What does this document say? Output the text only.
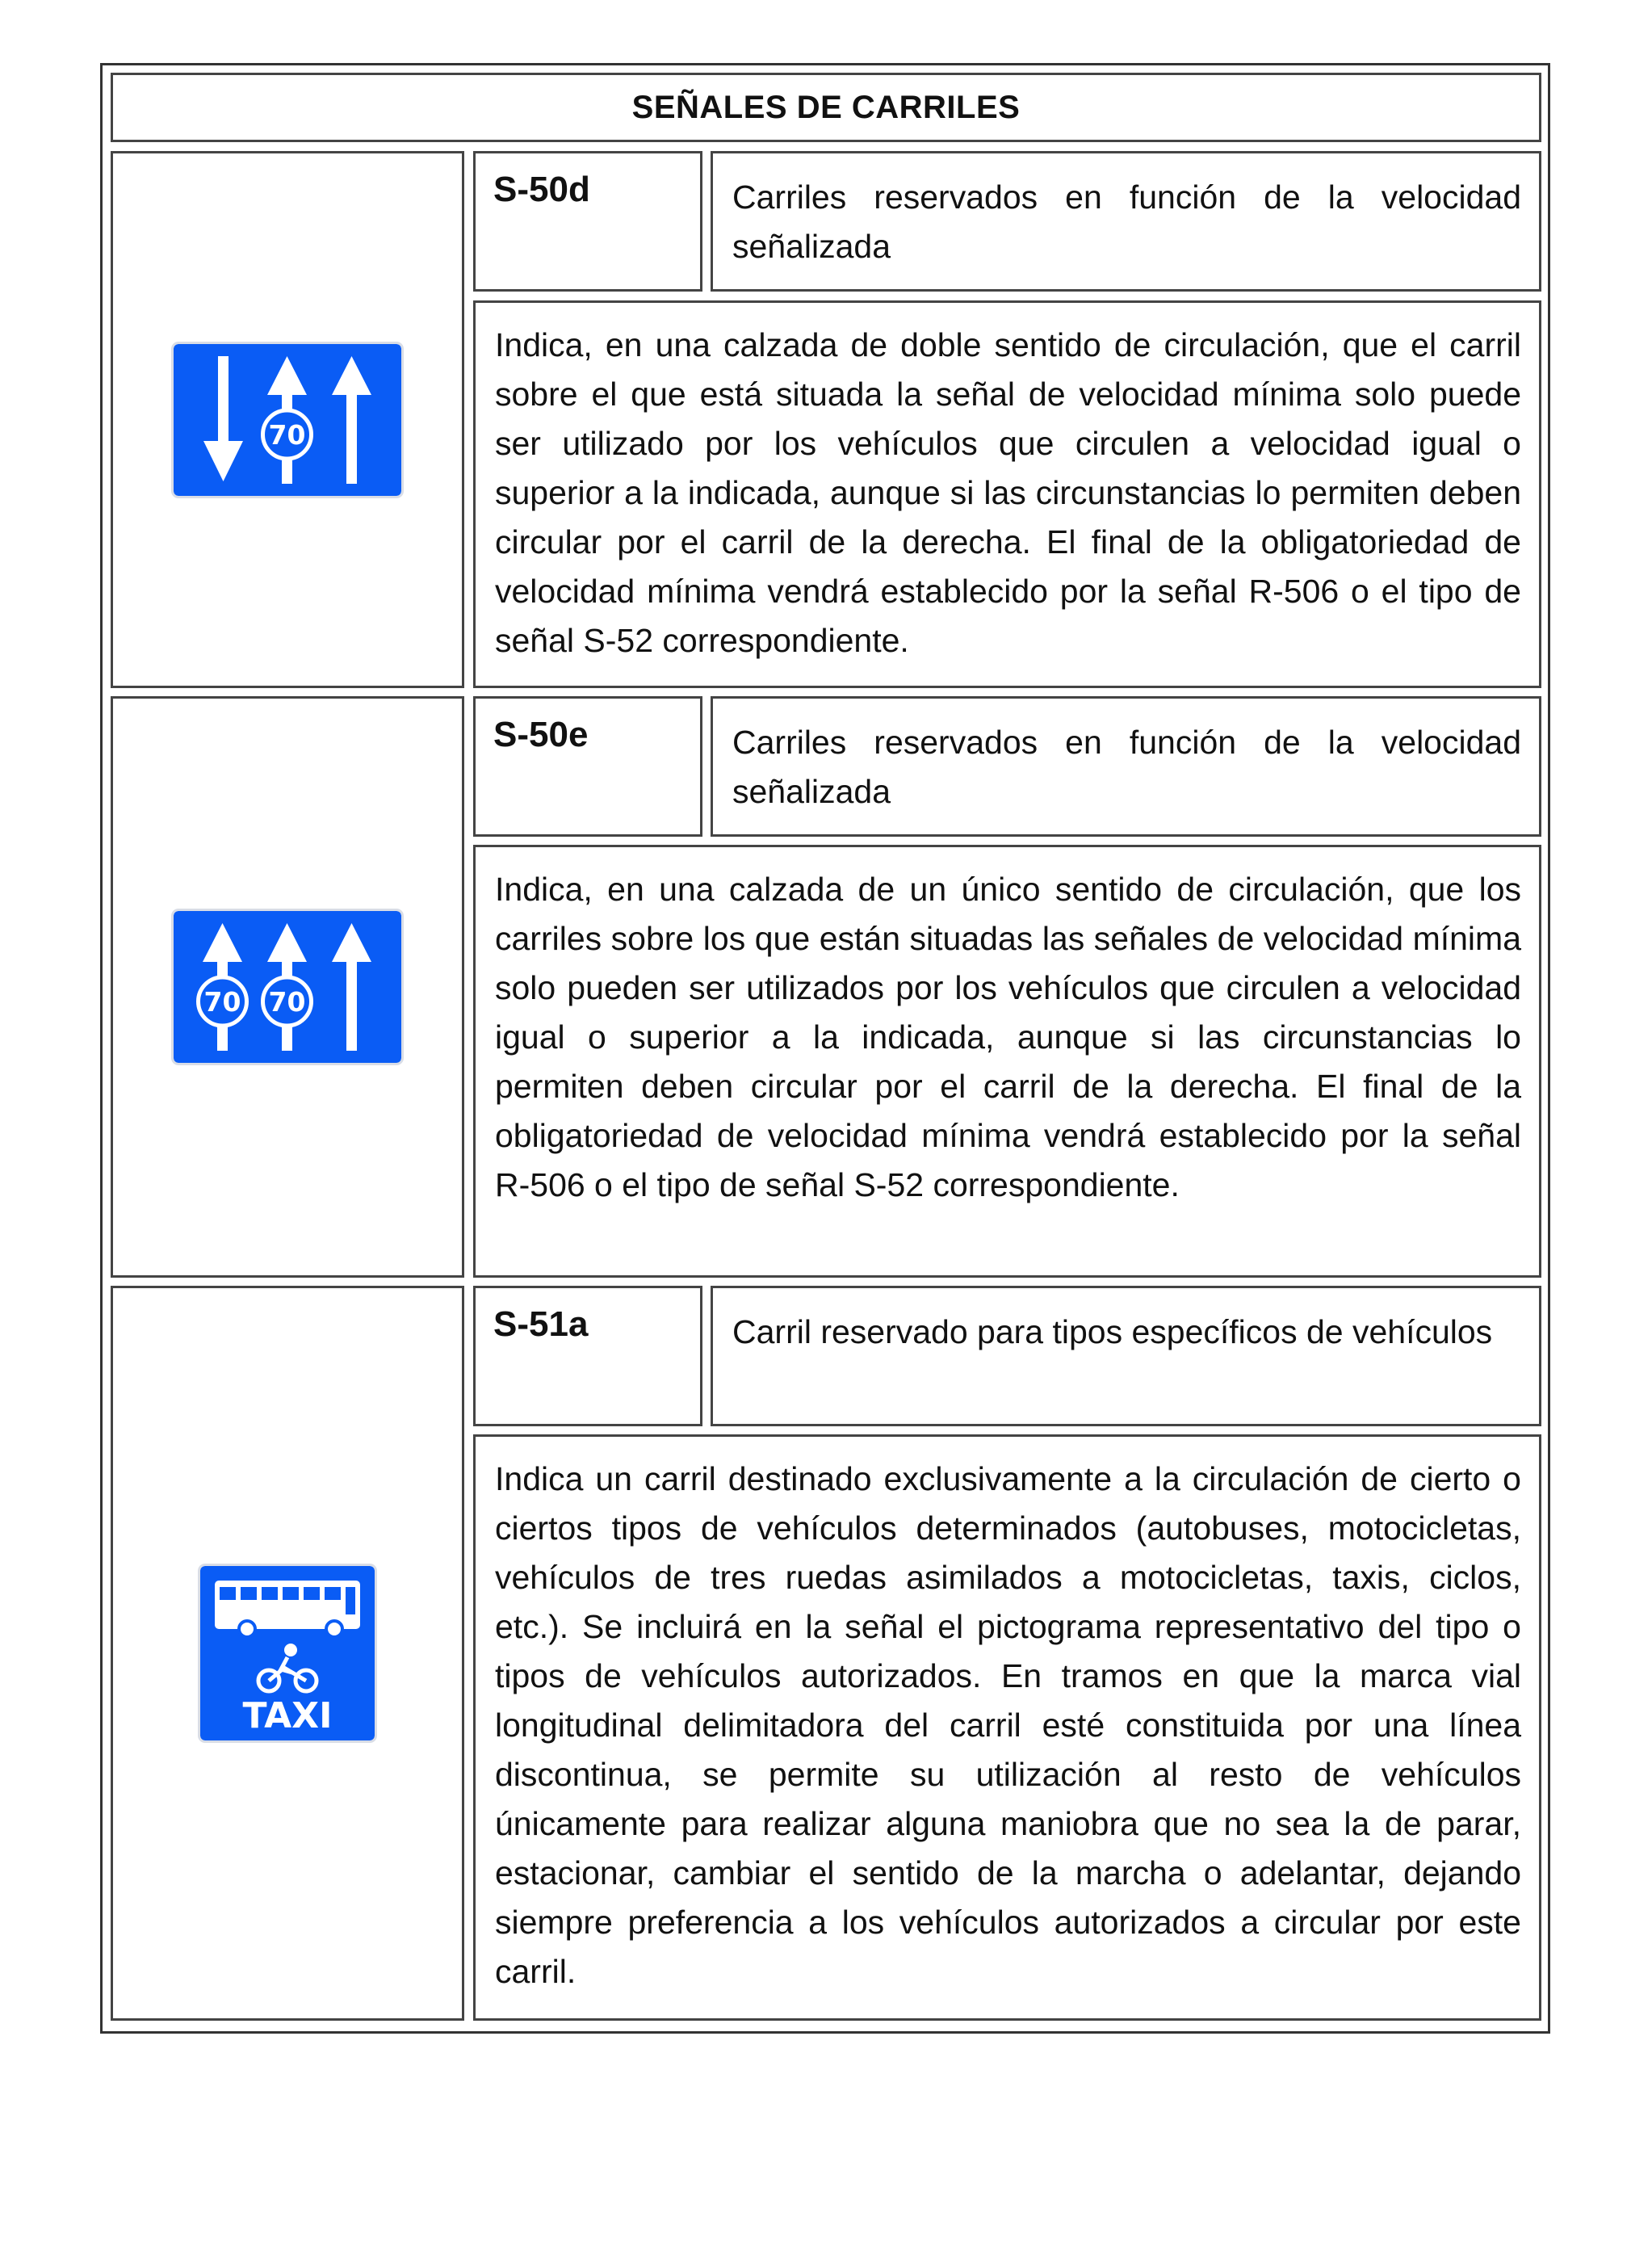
SEÑALES DE CARRILES
70
S-50d	Carriles reservados en función de la velocidad señalizada
Indica, en una calzada de doble sentido de circulación, que el carril sobre el que está situada la señal de velocidad mínima solo puede ser utilizado por los vehículos que circulen a velocidad igual o superior a la indicada, aunque si las circunstancias lo permiten deben circular por el carril de la derecha. El final de la obligatoriedad de velocidad mínima vendrá establecido por la señal R-506 o el tipo de señal S-52 correspondiente.
70 70
S-50e	Carriles reservados en función de la velocidad señalizada
Indica, en una calzada de un único sentido de circulación, que los carriles sobre los que están situadas las señales de velocidad mínima solo pueden ser utilizados por los vehículos que circulen a velocidad igual o superior a la indicada, aunque si las circunstancias lo permiten deben circular por el carril de la derecha. El final de la obligatoriedad de velocidad mínima vendrá establecido por la señal R-506 o el tipo de señal S-52 correspondiente.
TAXI
S-51a	Carril reservado para tipos específicos de vehículos
Indica un carril destinado exclusivamente a la circulación de cierto o ciertos tipos de vehículos determinados (autobuses, motocicletas, vehículos de tres ruedas asimilados a motocicletas, taxis, ciclos, etc.). Se incluirá en la señal el pictograma representativo del tipo o tipos de vehículos autorizados. En tramos en que la marca vial longitudinal delimitadora del carril esté constituida por una línea discontinua, se permite su utilización al resto de vehículos únicamente para realizar alguna maniobra que no sea la de parar, estacionar, cambiar el sentido de la marcha o adelantar, dejando siempre preferencia a los vehículos autorizados a circular por este carril.
